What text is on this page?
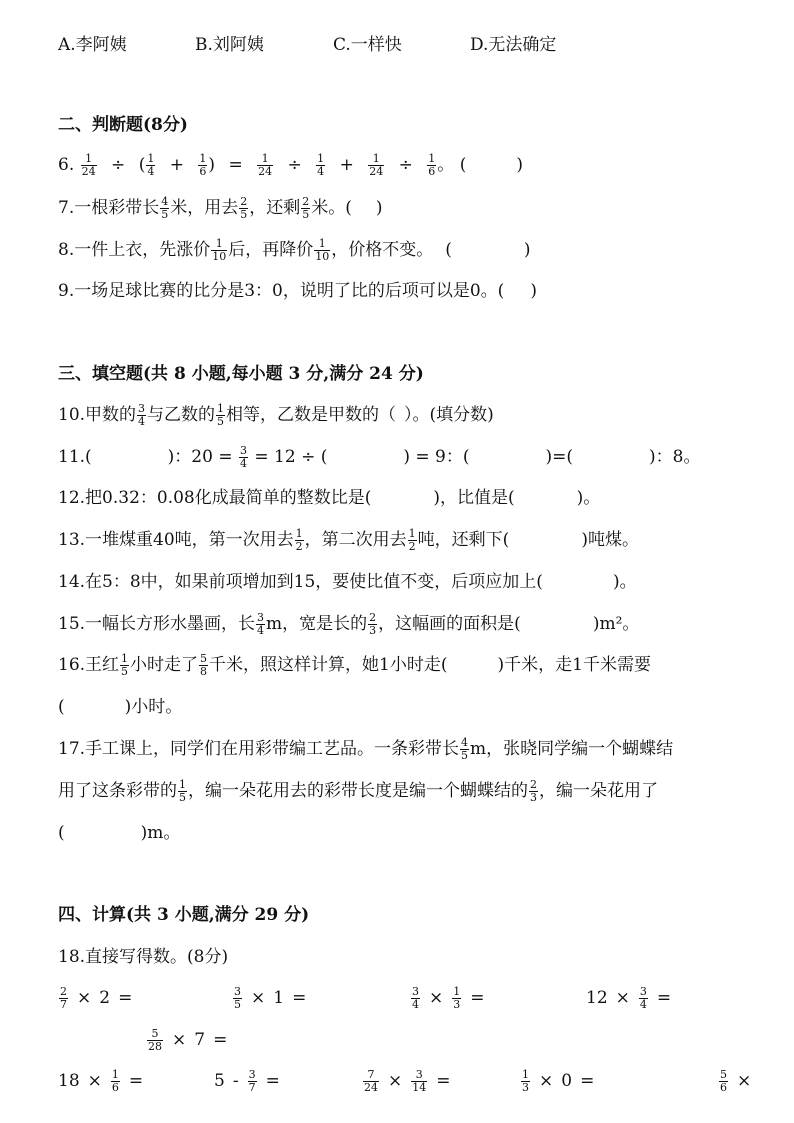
A.李阿姨	B.刘阿姨	C.一样快	D.无法确定
二、判断题(8分)
6. $\frac{1}{24}$ ÷ ( $\frac{1}{4} + \frac{1}{6}$ ) = $\frac{1}{24} \div \frac{1}{4} + \frac{1}{24} \div \frac{1}{6}$ 。 (	)
7.一根彩带长 $\frac{4}{5}$ 米，用去 $\frac{2}{5}$ ，还剩 $\frac{2}{5}$ 米。( )
8.一件上衣，先涨价 $\frac{1}{10}$ 后，再降价 $\frac{1}{10}$ ，价格不变。 (	)
9.一场足球比赛的比分是3：0，说明了比的后项可以是0。( )
三、填空题(共 8 小题,每小题 3 分,满分 24 分)
10.甲数的 $\frac{3}{4}$ 与乙数的 $\frac{1}{5}$ 相等，乙数是甲数的（ ）。(填分数)
11.(	)：$20 = \frac{3}{4} = 12$ ÷ (	) = 9：(	)=(	)：8。
12.把0.32：0.08化成最简单的整数比是(	)，比值是(	)。
13.一堆煤重40吨，第一次用去 $\frac{1}{2}$ ，第二次用去 $\frac{1}{2}$ 吨，还剩下(	)吨煤。
14.在5：8中，如果前项增加到15，要使比值不变，后项应加上(	)。
15.一幅长方形水墨画，长 $\frac{3}{4}$ m，宽是长的 $\frac{2}{3}$ ，这幅画的面积是(	)m²。
16.王红 $\frac{1}{5}$ 小时走了 $\frac{5}{8}$ 千米，照这样计算，她1小时走(	)千米，走1千米需要
(	)小时。
17.手工课上，同学们在用彩带编工艺品。一条彩带长 $\frac{4}{5}$ m，张晓同学编一个蝴蝶结
用了这条彩带的 $\frac{1}{5}$ ，编一朵花用去的彩带长度是编一个蝴蝶结的 $\frac{2}{3}$ ，编一朵花用了
(	)m。
四、计算(共 3 小题,满分 29 分)
18.直接写得数。(8分)
$\frac{2}{7} \times 2$ =	$\frac{3}{5} \times 1$ =	$\frac{3}{4} \times \frac{1}{3}$ =	$12 \times \frac{3}{4}$ =
$\frac{5}{28} \times 7$ =
$18 \times \frac{1}{6}$ =	$5 - \frac{3}{7}$ =	$\frac{7}{24} \times \frac{3}{14}$ =	$\frac{1}{3} \times 0$ =	$\frac{5}{6}$ ×
